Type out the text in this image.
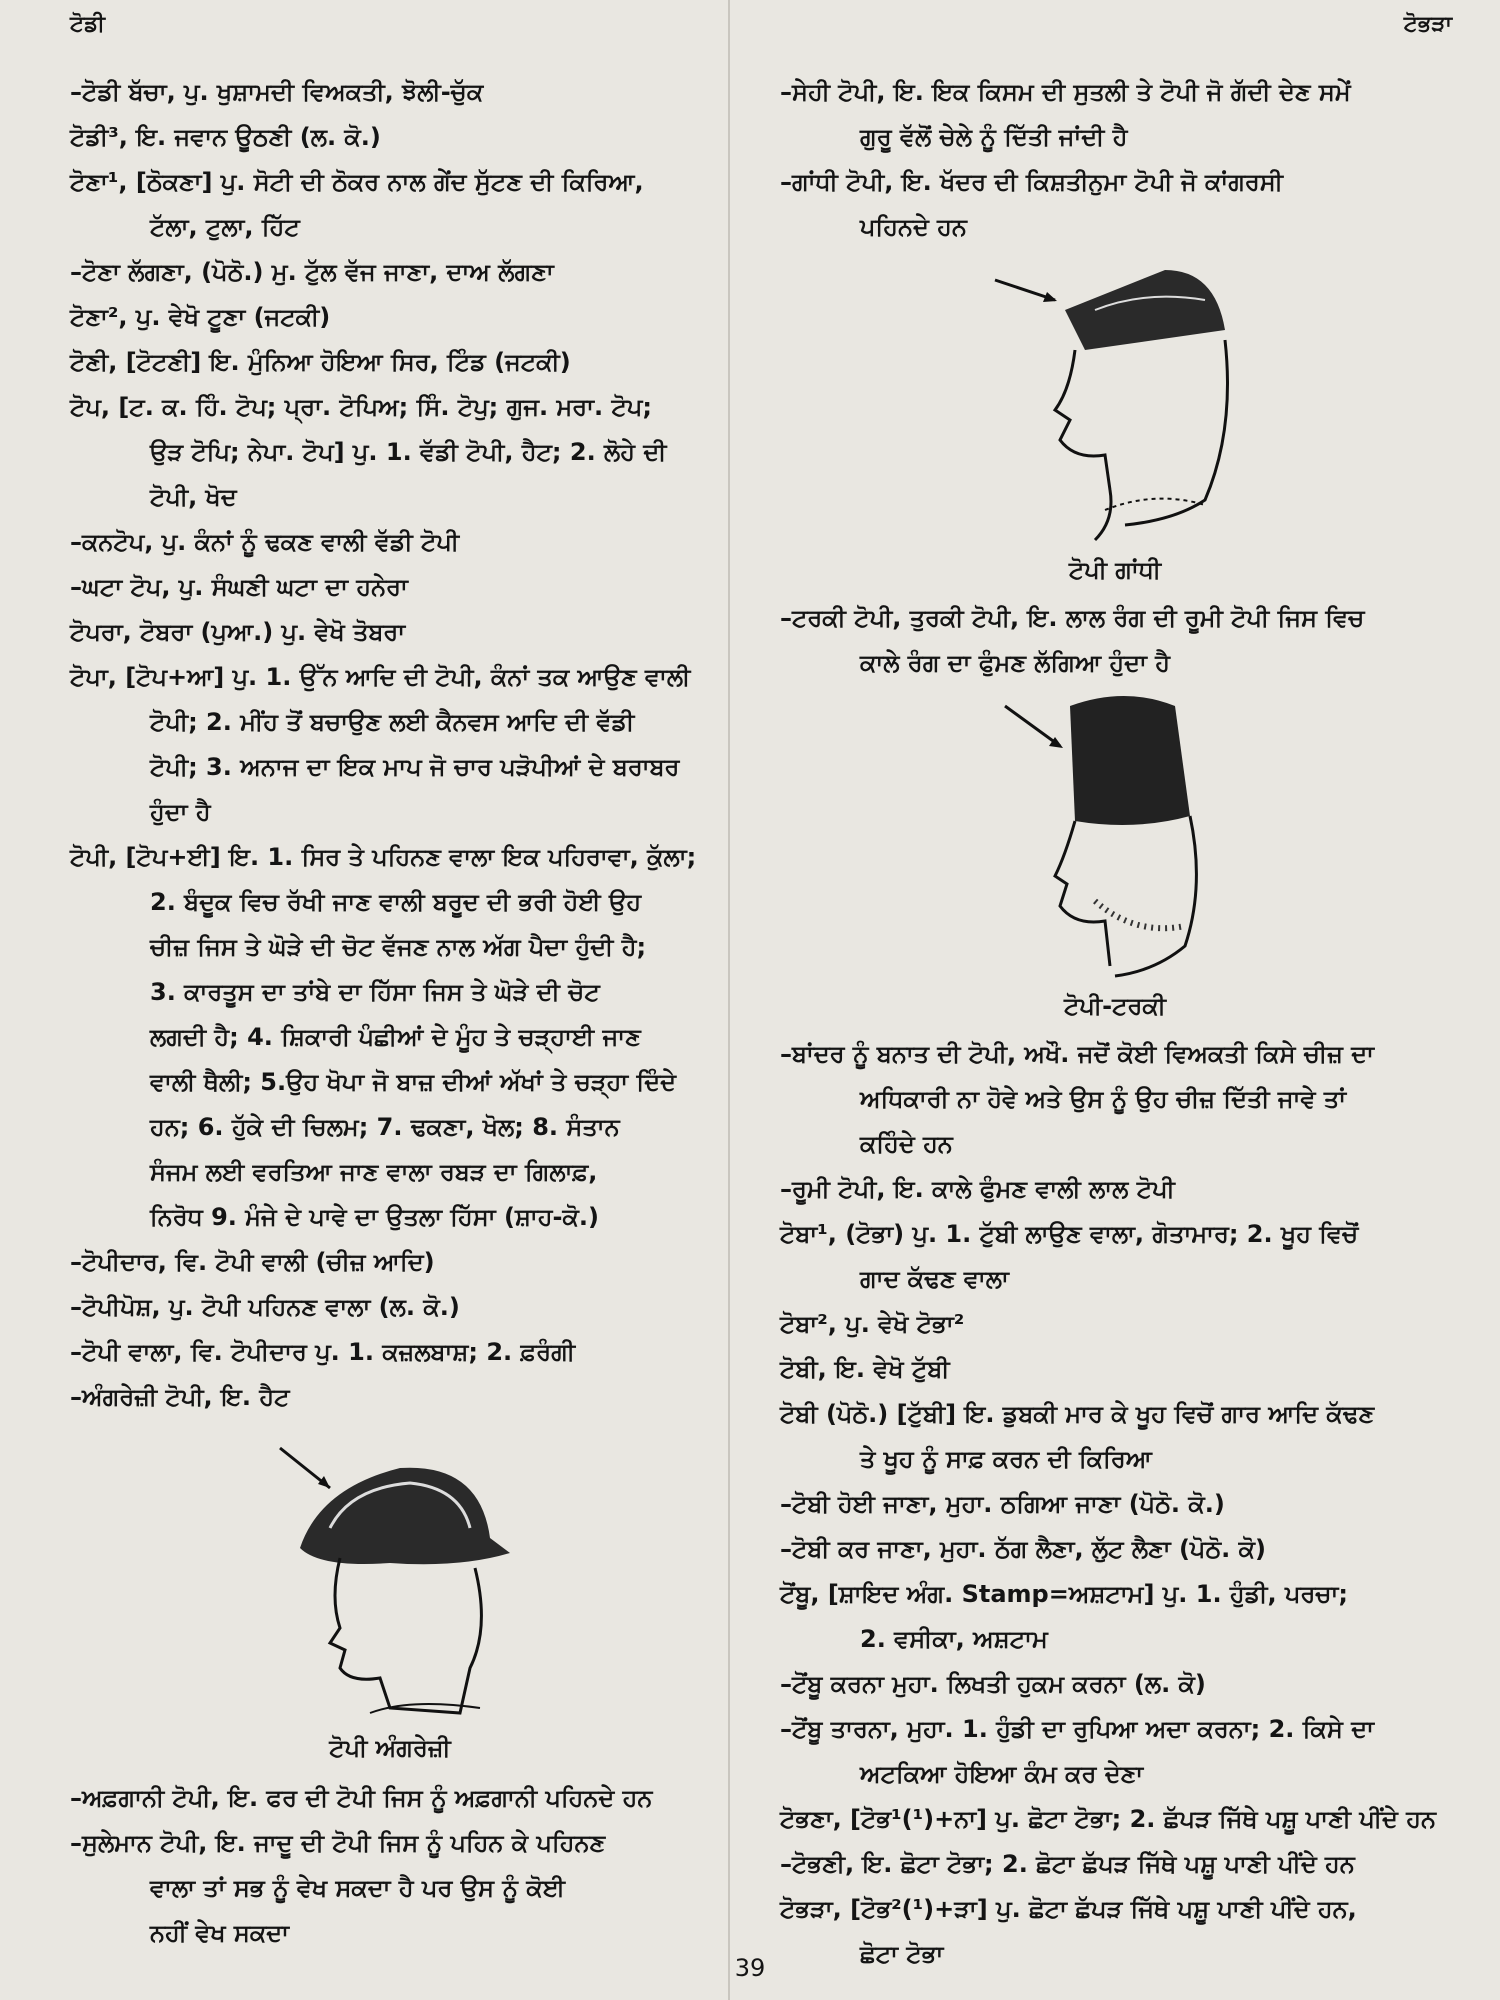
ਟੋਡੀ	ਟੋਭੜਾ

–ਟੋਡੀ ਬੱਚਾ, ਪੁ. ਖੁਸ਼ਾਮਦੀ ਵਿਅਕਤੀ, ਝੋਲੀ-ਚੁੱਕ

ਟੋਡੀ³, ਇ. ਜਵਾਨ ਊਠਣੀ (ਲ. ਕੋ.)

ਟੋਣਾ¹, [ਠੋਕਣਾ] ਪੁ. ਸੋਟੀ ਦੀ ਠੋਕਰ ਨਾਲ ਗੇਂਦ ਸੁੱਟਣ ਦੀ ਕਿਰਿਆ,

ਟੱਲਾ, ਟੁਲਾ, ਹਿੱਟ

–ਟੋਣਾ ਲੱਗਣਾ, (ਪੋਠੋ.) ਮੁ. ਟੁੱਲ ਵੱਜ ਜਾਣਾ, ਦਾਅ ਲੱਗਣਾ

ਟੋਣਾ², ਪੁ. ਵੇਖੋ ਟੂਣਾ (ਜਟਕੀ)

ਟੋਣੀ, [ਟੋਟਣੀ] ਇ. ਮੁੰਨਿਆ ਹੋਇਆ ਸਿਰ, ਟਿੰਡ (ਜਟਕੀ)

ਟੋਪ, [ਟ. ਕ. ਹਿੰ. ਟੋਪ; ਪ੍ਰਾ. ਟੋਪਿਅ; ਸਿੰ. ਟੋਪੁ; ਗੁਜ. ਮਰਾ. ਟੋਪ;

ਉੜ ਟੋਪਿ; ਨੇਪਾ. ਟੋਪ] ਪੁ. 1. ਵੱਡੀ ਟੋਪੀ, ਹੈਟ; 2. ਲੋਹੇ ਦੀ

ਟੋਪੀ, ਖੋਦ

–ਕਨਟੋਪ, ਪੁ. ਕੰਨਾਂ ਨੂੰ ਢਕਣ ਵਾਲੀ ਵੱਡੀ ਟੋਪੀ

–ਘਟਾ ਟੋਪ, ਪੁ. ਸੰਘਣੀ ਘਟਾ ਦਾ ਹਨੇਰਾ

ਟੋਪਰਾ, ਟੋਬਰਾ (ਪੁਆ.) ਪੁ. ਵੇਖੋ ਤੋਬਰਾ

ਟੋਪਾ, [ਟੋਪ+ਆ] ਪੁ. 1. ਉੱਨ ਆਦਿ ਦੀ ਟੋਪੀ, ਕੰਨਾਂ ਤਕ ਆਉਣ ਵਾਲੀ

ਟੋਪੀ; 2. ਮੀਂਹ ਤੋਂ ਬਚਾਉਣ ਲਈ ਕੈਨਵਸ ਆਦਿ ਦੀ ਵੱਡੀ

ਟੋਪੀ; 3. ਅਨਾਜ ਦਾ ਇਕ ਮਾਪ ਜੋ ਚਾਰ ਪੜੋਪੀਆਂ ਦੇ ਬਰਾਬਰ

ਹੁੰਦਾ ਹੈ

ਟੋਪੀ, [ਟੋਪ+ਈ] ਇ. 1. ਸਿਰ ਤੇ ਪਹਿਨਣ ਵਾਲਾ ਇਕ ਪਹਿਰਾਵਾ, ਕੁੱਲਾ;

2. ਬੰਦੂਕ ਵਿਚ ਰੱਖੀ ਜਾਣ ਵਾਲੀ ਬਰੂਦ ਦੀ ਭਰੀ ਹੋਈ ਉਹ

ਚੀਜ਼ ਜਿਸ ਤੇ ਘੋੜੇ ਦੀ ਚੋਟ ਵੱਜਣ ਨਾਲ ਅੱਗ ਪੈਦਾ ਹੁੰਦੀ ਹੈ;

3. ਕਾਰਤੂਸ ਦਾ ਤਾਂਬੇ ਦਾ ਹਿੱਸਾ ਜਿਸ ਤੇ ਘੋੜੇ ਦੀ ਚੋਟ

ਲਗਦੀ ਹੈ; 4. ਸ਼ਿਕਾਰੀ ਪੰਛੀਆਂ ਦੇ ਮੂੰਹ ਤੇ ਚੜ੍ਹਾਈ ਜਾਣ

ਵਾਲੀ ਥੈਲੀ; 5.ਉਹ ਖੋਪਾ ਜੋ ਬਾਜ਼ ਦੀਆਂ ਅੱਖਾਂ ਤੇ ਚੜ੍ਹਾ ਦਿੰਦੇ

ਹਨ; 6. ਹੁੱਕੇ ਦੀ ਚਿਲਮ; 7. ਢਕਣਾ, ਖੋਲ; 8. ਸੰਤਾਨ

ਸੰਜਮ ਲਈ ਵਰਤਿਆ ਜਾਣ ਵਾਲਾ ਰਬੜ ਦਾ ਗਿਲਾਫ਼,

ਨਿਰੋਧ 9. ਮੰਜੇ ਦੇ ਪਾਵੇ ਦਾ ਉਤਲਾ ਹਿੱਸਾ (ਸ਼ਾਹ-ਕੋ.)

–ਟੋਪੀਦਾਰ, ਵਿ. ਟੋਪੀ ਵਾਲੀ (ਚੀਜ਼ ਆਦਿ)

–ਟੋਪੀਪੋਸ਼, ਪੁ. ਟੋਪੀ ਪਹਿਨਣ ਵਾਲਾ (ਲ. ਕੋ.)

–ਟੋਪੀ ਵਾਲਾ, ਵਿ. ਟੋਪੀਦਾਰ ਪੁ. 1. ਕਜ਼ਲਬਾਸ਼; 2. ਫ਼ਰੰਗੀ

–ਅੰਗਰੇਜ਼ੀ ਟੋਪੀ, ਇ. ਹੈਟ

ਟੋਪੀ ਅੰਗਰੇਜ਼ੀ

–ਅਫ਼ਗਾਨੀ ਟੋਪੀ, ਇ. ਫਰ ਦੀ ਟੋਪੀ ਜਿਸ ਨੂੰ ਅਫ਼ਗਾਨੀ ਪਹਿਨਦੇ ਹਨ

–ਸੁਲੇਮਾਨ ਟੋਪੀ, ਇ. ਜਾਦੂ ਦੀ ਟੋਪੀ ਜਿਸ ਨੂੰ ਪਹਿਨ ਕੇ ਪਹਿਨਣ

ਵਾਲਾ ਤਾਂ ਸਭ ਨੂੰ ਵੇਖ ਸਕਦਾ ਹੈ ਪਰ ਉਸ ਨੂੰ ਕੋਈ

ਨਹੀਂ ਵੇਖ ਸਕਦਾ

–ਸੇਹੀ ਟੋਪੀ, ਇ. ਇਕ ਕਿਸਮ ਦੀ ਸੁਤਲੀ ਤੇ ਟੋਪੀ ਜੋ ਗੱਦੀ ਦੇਣ ਸਮੇਂ

ਗੁਰੂ ਵੱਲੋਂ ਚੇਲੇ ਨੂੰ ਦਿੱਤੀ ਜਾਂਦੀ ਹੈ

–ਗਾਂਧੀ ਟੋਪੀ, ਇ. ਖੱਦਰ ਦੀ ਕਿਸ਼ਤੀਨੁਮਾ ਟੋਪੀ ਜੋ ਕਾਂਗਰਸੀ

ਪਹਿਨਦੇ ਹਨ

ਟੋਪੀ ਗਾਂਧੀ

–ਟਰਕੀ ਟੋਪੀ, ਤੁਰਕੀ ਟੋਪੀ, ਇ. ਲਾਲ ਰੰਗ ਦੀ ਰੂਮੀ ਟੋਪੀ ਜਿਸ ਵਿਚ

ਕਾਲੇ ਰੰਗ ਦਾ ਫੁੰਮਣ ਲੱਗਿਆ ਹੁੰਦਾ ਹੈ

ਟੋਪੀ-ਟਰਕੀ

–ਬਾਂਦਰ ਨੂੰ ਬਨਾਤ ਦੀ ਟੋਪੀ, ਅਖੌ. ਜਦੋਂ ਕੋਈ ਵਿਅਕਤੀ ਕਿਸੇ ਚੀਜ਼ ਦਾ

ਅਧਿਕਾਰੀ ਨਾ ਹੋਵੇ ਅਤੇ ਉਸ ਨੂੰ ਉਹ ਚੀਜ਼ ਦਿੱਤੀ ਜਾਵੇ ਤਾਂ

ਕਹਿੰਦੇ ਹਨ

–ਰੂਮੀ ਟੋਪੀ, ਇ. ਕਾਲੇ ਫੁੰਮਣ ਵਾਲੀ ਲਾਲ ਟੋਪੀ

ਟੋਬਾ¹, (ਟੋਭਾ) ਪੁ. 1. ਟੁੱਬੀ ਲਾਉਣ ਵਾਲਾ, ਗੋਤਾਮਾਰ; 2. ਖੂਹ ਵਿਚੋਂ

ਗਾਦ ਕੱਢਣ ਵਾਲਾ

ਟੋਬਾ², ਪੁ. ਵੇਖੋ ਟੋਭਾ²

ਟੋਬੀ, ਇ. ਵੇਖੋ ਟੁੱਬੀ

ਟੋਬੀ (ਪੋਠੋ.) [ਟੁੱਬੀ] ਇ. ਡੁਬਕੀ ਮਾਰ ਕੇ ਖੂਹ ਵਿਚੋਂ ਗਾਰ ਆਦਿ ਕੱਢਣ

ਤੇ ਖੂਹ ਨੂੰ ਸਾਫ਼ ਕਰਨ ਦੀ ਕਿਰਿਆ

–ਟੋਬੀ ਹੋਈ ਜਾਣਾ, ਮੁਹਾ. ਠਗਿਆ ਜਾਣਾ (ਪੋਠੋ. ਕੋ.)

–ਟੋਬੀ ਕਰ ਜਾਣਾ, ਮੁਹਾ. ਠੱਗ ਲੈਣਾ, ਲੁੱਟ ਲੈਣਾ (ਪੋਠੋ. ਕੋ)

ਟੋਂਬੂ, [ਸ਼ਾਇਦ ਅੰਗ. Stamp=ਅਸ਼ਟਾਮ] ਪੁ. 1. ਹੁੰਡੀ, ਪਰਚਾ;

2. ਵਸੀਕਾ, ਅਸ਼ਟਾਮ

–ਟੋਂਬੂ ਕਰਨਾ ਮੁਹਾ. ਲਿਖਤੀ ਹੁਕਮ ਕਰਨਾ (ਲ. ਕੋ)

–ਟੋਂਬੂ ਤਾਰਨਾ, ਮੁਹਾ. 1. ਹੁੰਡੀ ਦਾ ਰੁਪਿਆ ਅਦਾ ਕਰਨਾ; 2. ਕਿਸੇ ਦਾ

ਅਟਕਿਆ ਹੋਇਆ ਕੰਮ ਕਰ ਦੇਣਾ

ਟੋਭਣਾ, [ਟੋਭ¹(¹)+ਨਾ] ਪੁ. ਛੋਟਾ ਟੋਭਾ; 2. ਛੱਪੜ ਜਿੱਥੇ ਪਸ਼ੂ ਪਾਣੀ ਪੀਂਦੇ ਹਨ

–ਟੋਭਣੀ, ਇ. ਛੋਟਾ ਟੋਭਾ; 2. ਛੋਟਾ ਛੱਪੜ ਜਿੱਥੇ ਪਸ਼ੂ ਪਾਣੀ ਪੀਂਦੇ ਹਨ

ਟੋਭੜਾ, [ਟੋਭ²(¹)+ੜਾ] ਪੁ. ਛੋਟਾ ਛੱਪੜ ਜਿੱਥੇ ਪਸ਼ੂ ਪਾਣੀ ਪੀਂਦੇ ਹਨ,

ਛੋਟਾ ਟੋਭਾ

39
